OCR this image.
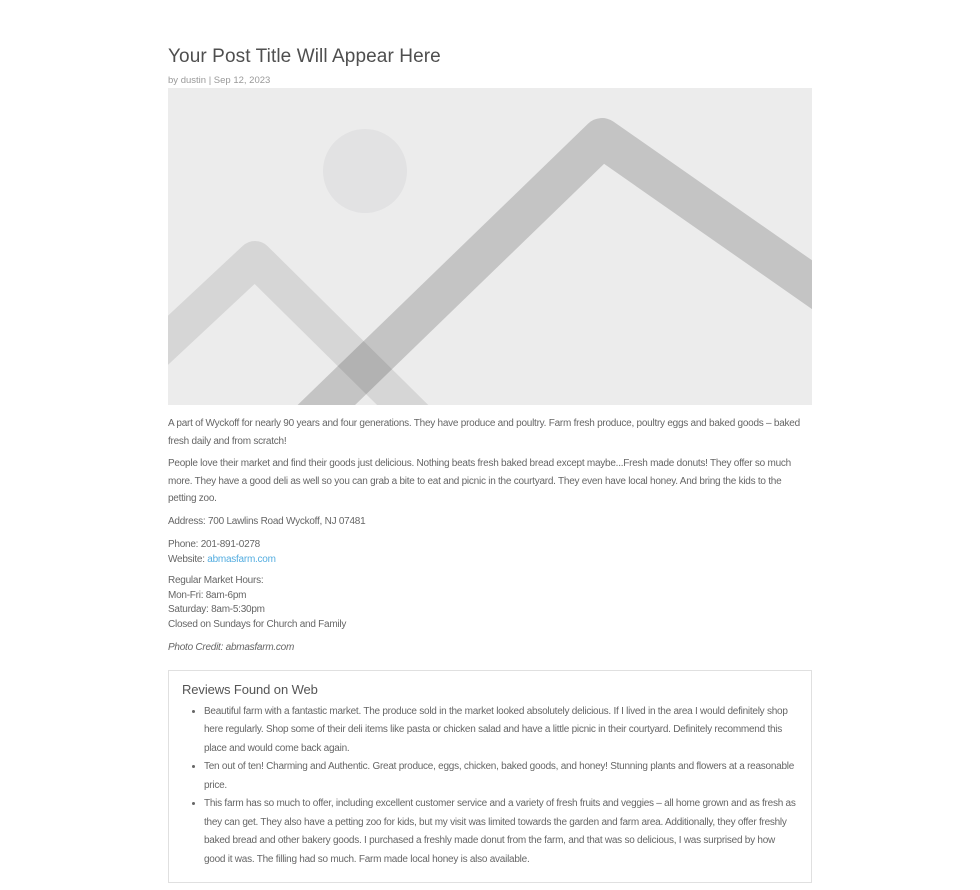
Your Post Title Will Appear Here

by dustin | Sep 12, 2023

A part of Wyckoff for nearly 90 years and four generations. They have produce and poultry. Farm fresh produce, poultry eggs and baked goods – baked fresh daily and from scratch!

People love their market and find their goods just delicious. Nothing beats fresh baked bread except maybe...Fresh made donuts! They offer so much more. They have a good deli as well so you can grab a bite to eat and picnic in the courtyard. They even have local honey. And bring the kids to the petting zoo.

Address: 700 Lawlins Road Wyckoff, NJ 07481

Phone: 201-891-0278
Website: abmasfarm.com
Regular Market Hours:
Mon-Fri: 8am-6pm
Saturday: 8am-5:30pm
Closed on Sundays for Church and Family

Photo Credit: abmasfarm.com

Reviews Found on Web
• Beautiful farm with a fantastic market. The produce sold in the market looked absolutely delicious. If I lived in the area I would definitely shop here regularly. Shop some of their deli items like pasta or chicken salad and have a little picnic in their courtyard. Definitely recommend this place and would come back again.
• Ten out of ten! Charming and Authentic. Great produce, eggs, chicken, baked goods, and honey! Stunning plants and flowers at a reasonable price.
• This farm has so much to offer, including excellent customer service and a variety of fresh fruits and veggies – all home grown and as fresh as they can get. They also have a petting zoo for kids, but my visit was limited towards the garden and farm area. Additionally, they offer freshly baked bread and other bakery goods. I purchased a freshly made donut from the farm, and that was so delicious, I was surprised by how good it was. The filling had so much. Farm made local honey is also available.
